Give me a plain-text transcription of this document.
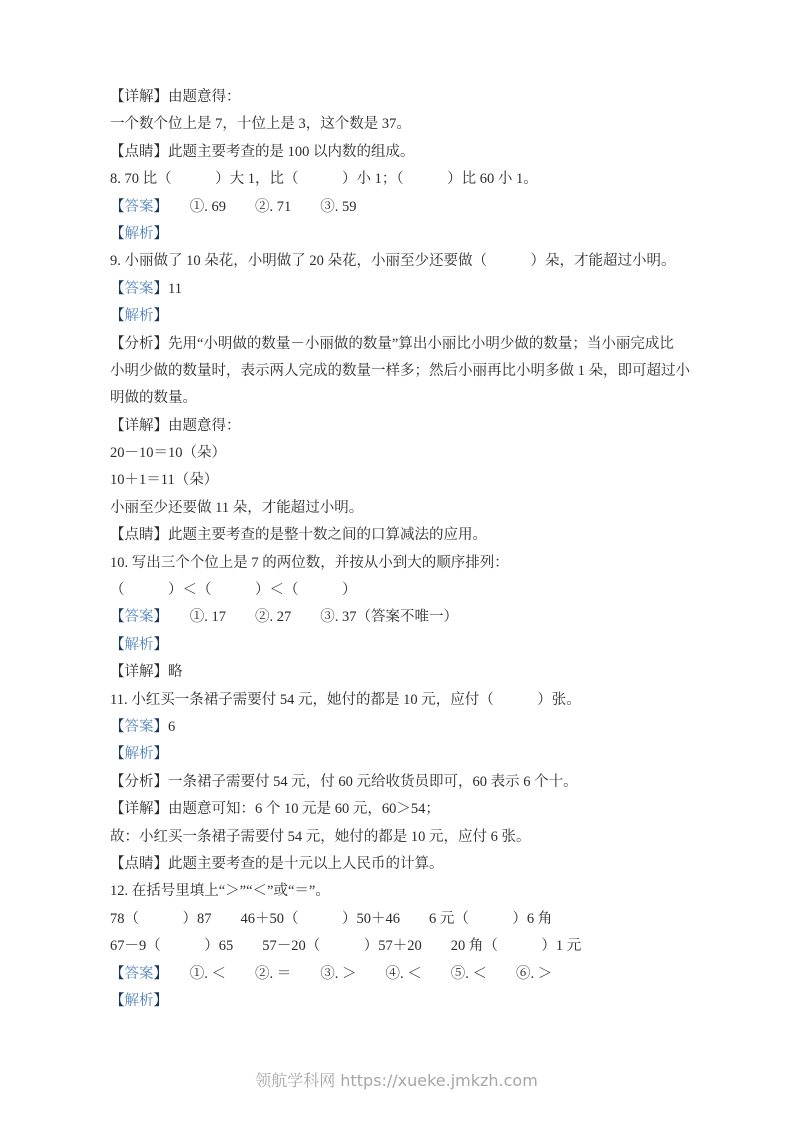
【详解】由题意得：
一个数个位上是 7，十位上是 3，这个数是 37。
【点睛】此题主要考查的是 100 以内数的组成。
8. 70 比（　　　）大 1，比（　　　）小 1；（　　　）比 60 小 1。
【答案】　　①. 69　　②. 71　　③. 59
【解析】
9. 小丽做了 10 朵花，小明做了 20 朵花，小丽至少还要做（　　　）朵，才能超过小明。
【答案】11
【解析】
【分析】先用“小明做的数量－小丽做的数量”算出小丽比小明少做的数量；当小丽完成比
小明少做的数量时，表示两人完成的数量一样多；然后小丽再比小明多做 1 朵，即可超过小
明做的数量。
【详解】由题意得：
20－10＝10（朵）
10＋1＝11（朵）
小丽至少还要做 11 朵，才能超过小明。
【点睛】此题主要考查的是整十数之间的口算减法的应用。
10. 写出三个个位上是 7 的两位数，并按从小到大的顺序排列：
（　　　）＜（　　　）＜（　　　）
【答案】　　①. 17　　②. 27　　③. 37（答案不唯一）
【解析】
【详解】略
11. 小红买一条裙子需要付 54 元，她付的都是 10 元，应付（　　　）张。
【答案】6
【解析】
【分析】一条裙子需要付 54 元，付 60 元给收货员即可，60 表示 6 个十。
【详解】由题意可知：6 个 10 元是 60 元，60＞54；
故：小红买一条裙子需要付 54 元，她付的都是 10 元，应付 6 张。
【点睛】此题主要考查的是十元以上人民币的计算。
12. 在括号里填上“＞”“＜”或“＝”。
78（　　　）87　　46＋50（　　　）50＋46　　6 元（　　　）6 角
67－9（　　　）65　　57－20（　　　）57＋20　　20 角（　　　）1 元
【答案】　　①. ＜　　②. ＝　　③. ＞　　④. ＜　　⑤. ＜　　⑥. ＞
【解析】
领航学科网 https://xueke.jmkzh.com
